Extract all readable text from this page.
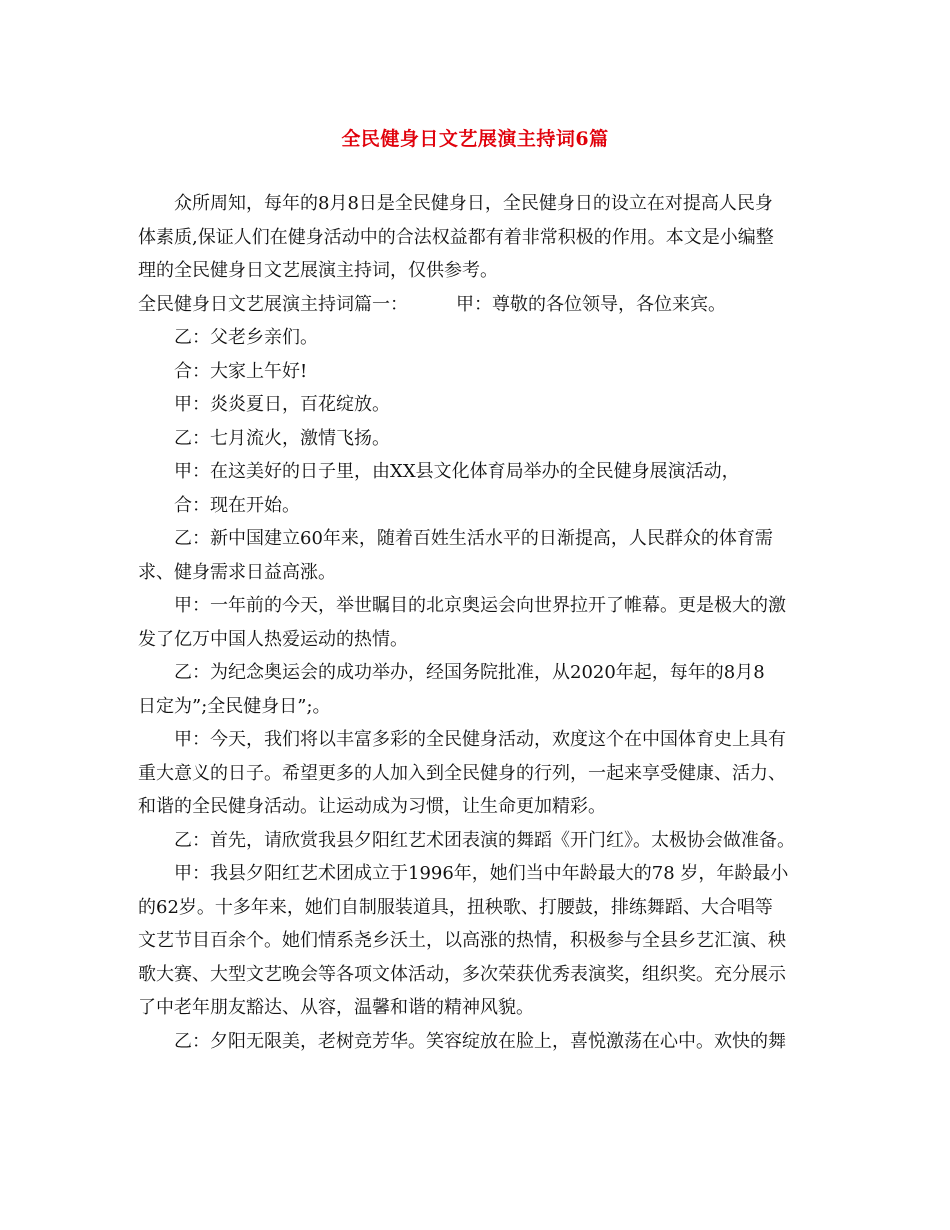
全民健身日文艺展演主持词6篇
众所周知，每年的8月8日是全民健身日，全民健身日的设立在对提高人民身
体素质,保证人们在健身活动中的合法权益都有着非常积极的作用。本文是小编整
理的全民健身日文艺展演主持词，仅供参考。
全民健身日文艺展演主持词篇一：	甲：尊敬的各位领导，各位来宾。
乙：父老乡亲们。
合：大家上午好!
甲：炎炎夏日，百花绽放。
乙：七月流火，激情飞扬。
甲：在这美好的日子里，由XX县文化体育局举办的全民健身展演活动，
合：现在开始。
乙：新中国建立60年来，随着百姓生活水平的日渐提高，人民群众的体育需
求、健身需求日益高涨。
甲：一年前的今天，举世瞩目的北京奥运会向世界拉开了帷幕。更是极大的激
发了亿万中国人热爱运动的热情。
乙：为纪念奥运会的成功举办，经国务院批准，从2020年起，每年的8月8
日定为”;全民健身日”;。
甲：今天，我们将以丰富多彩的全民健身活动，欢度这个在中国体育史上具有
重大意义的日子。希望更多的人加入到全民健身的行列，一起来享受健康、活力、
和谐的全民健身活动。让运动成为习惯，让生命更加精彩。
乙：首先，请欣赏我县夕阳红艺术团表演的舞蹈《开门红》。太极协会做准备。
甲：我县夕阳红艺术团成立于1996年，她们当中年龄最大的78 岁，年龄最小
的62岁。十多年来，她们自制服装道具，扭秧歌、打腰鼓，排练舞蹈、大合唱等
文艺节目百余个。她们情系尧乡沃土，以高涨的热情，积极参与全县乡艺汇演、秧
歌大赛、大型文艺晚会等各项文体活动，多次荣获优秀表演奖，组织奖。充分展示
了中老年朋友豁达、从容，温馨和谐的精神风貌。
乙：夕阳无限美，老树竞芳华。笑容绽放在脸上，喜悦激荡在心中。欢快的舞
